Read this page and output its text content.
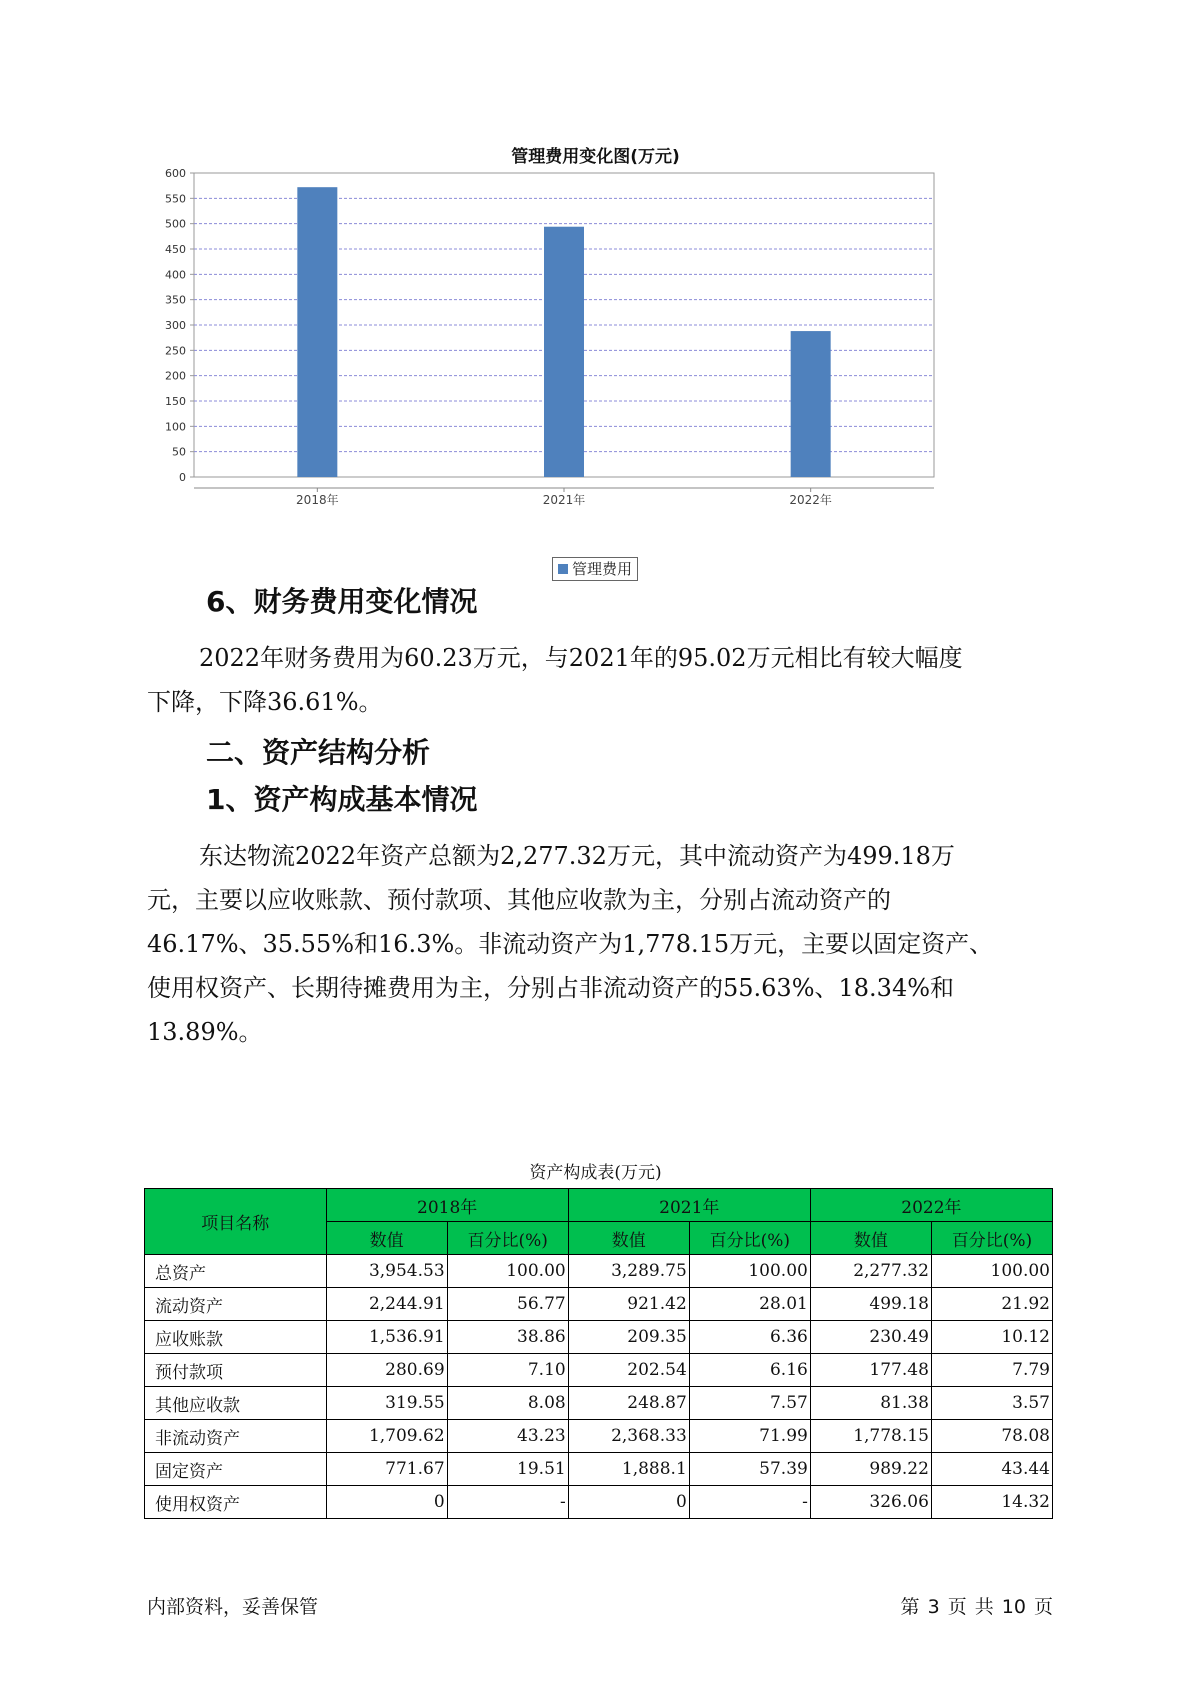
管理费用变化图(万元)
0
50
100
150
200
250
300
350
400
450
500
550
600
2018年	2021年	2022年
管理费用
6、财务费用变化情况

2022年财务费用为60.23万元，与2021年的95.02万元相比有较大幅度
下降，下降36.61%。

二、资产结构分析
1、资产构成基本情况

东达物流2022年资产总额为2,277.32万元，其中流动资产为499.18万
元，主要以应收账款、预付款项、其他应收款为主，分别占流动资产的
46.17%、35.55%和16.3%。非流动资产为1,778.15万元，主要以固定资产、
使用权资产、长期待摊费用为主，分别占非流动资产的55.63%、18.34%和
13.89%。

资产构成表(万元)
项目名称	2018年		2021年		2022年	
	数值	百分比(%)	数值	百分比(%)	数值	百分比(%)
总资产	3,954.53	100.00	3,289.75	100.00	2,277.32	100.00
流动资产	2,244.91	56.77	921.42	28.01	499.18	21.92
应收账款	1,536.91	38.86	209.35	6.36	230.49	10.12
预付款项	280.69	7.10	202.54	6.16	177.48	7.79
其他应收款	319.55	8.08	248.87	7.57	81.38	3.57
非流动资产	1,709.62	43.23	2,368.33	71.99	1,778.15	78.08
固定资产	771.67	19.51	1,888.1	57.39	989.22	43.44
使用权资产	0	-	0	-	326.06	14.32
内部资料，妥善保管	第 3 页 共 10 页
